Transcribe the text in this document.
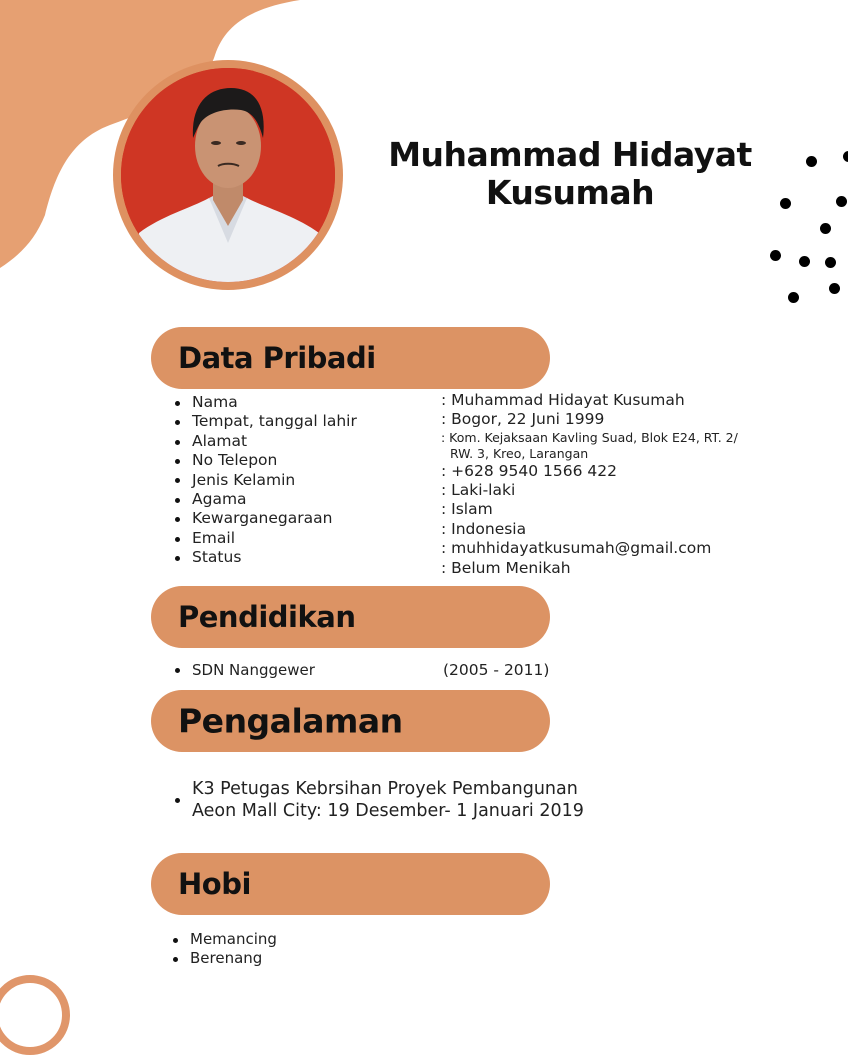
Muhammad Hidayat
Kusumah
Data Pribadi
Nama
Tempat, tanggal lahir
Alamat
No Telepon
Jenis Kelamin
Agama
Kewarganegaraan
Email
Status
: Muhammad Hidayat Kusumah
: Bogor, 22 Juni 1999
: Kom. Kejaksaan Kavling Suad, Blok E24, RT. 2/
RW. 3, Kreo, Larangan
: +628 9540 1566 422
: Laki-laki
: Islam
: Indonesia
: muhhidayatkusumah@gmail.com
: Belum Menikah
Pendidikan
SDN Nanggewer	(2005 - 2011)
Pengalaman
K3 Petugas Kebrsihan Proyek Pembangunan
Aeon Mall City: 19 Desember- 1 Januari 2019
Hobi
Memancing
Berenang
